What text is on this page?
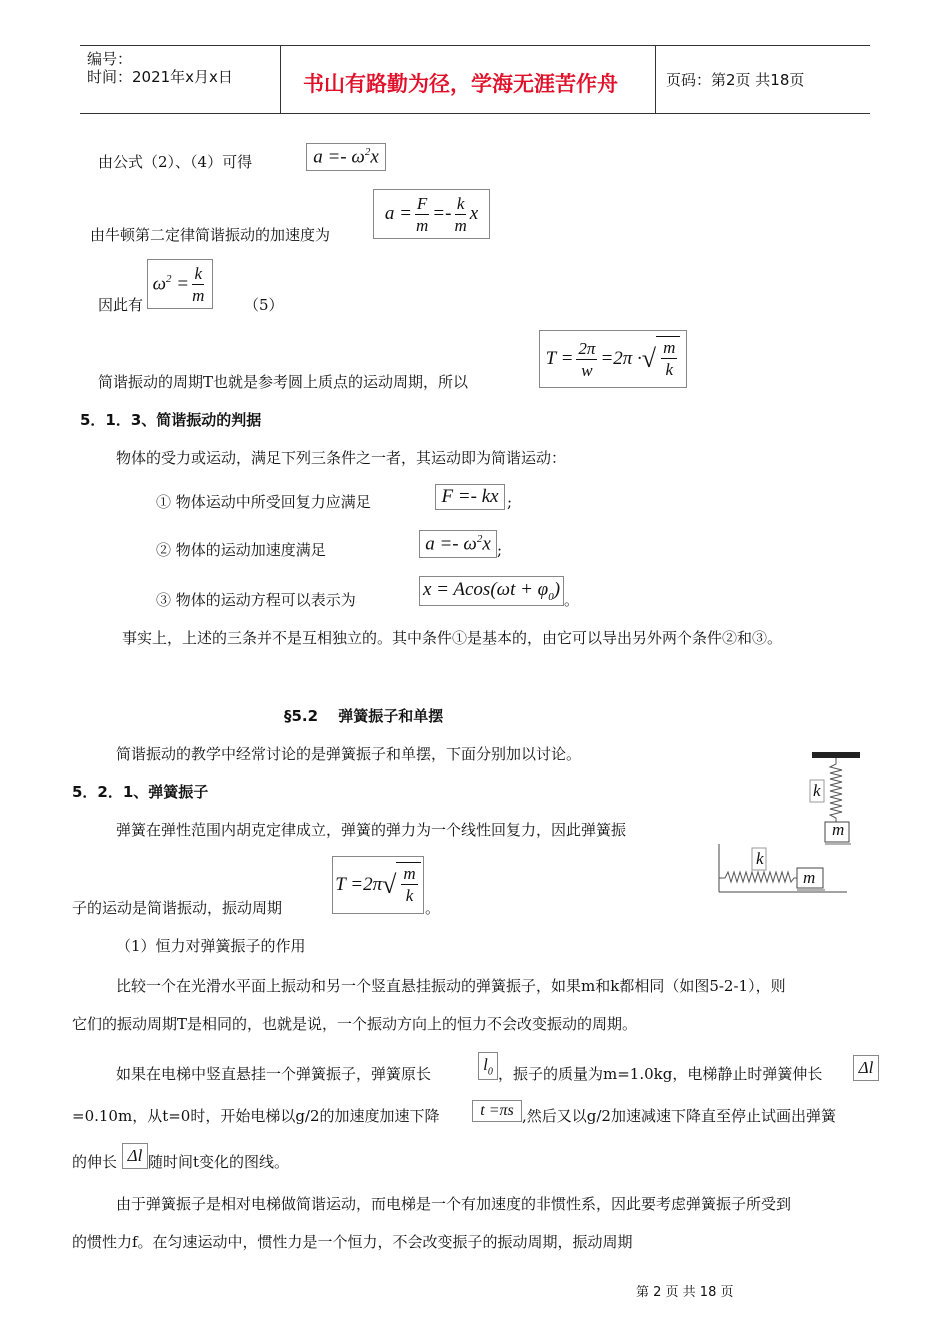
编号：
时间：2021年x月x日	书山有路勤为径，学海无涯苦作舟	页码：第2页 共18页
由公式（2）、（4）可得	$a =- \omega^2x$
由牛顿第二定律简谐振动的加速度为
$a = \frac{F}{m} =- \frac{k}{m}$ x
因此有
$\omega^2 = \frac{k}{m}$	（5）
简谐振动的周期T也就是参考圆上质点的运动周期，所以
$T = \frac{2\pi}{w} =2\pi$ · √ $\frac{m}{k}$
5．1．3、简谐振动的判据
物体的受力或运动，满足下列三条件之一者，其运动即为简谐运动：
① 物体运动中所受回复力应满足	F =- kx ;
② 物体的运动加速度满足	$a =- \omega^2x$ ;
③ 物体的运动方程可以表示为	$x = Acos(\omega t + \varphi_0)$ 。
事实上，上述的三条并不是互相独立的。其中条件①是基本的，由它可以导出另外两个条件②和③。
§5.2　 弹簧振子和单摆
简谐振动的教学中经常讨论的是弹簧振子和单摆，下面分别加以讨论。
5．2．1、弹簧振子
弹簧在弹性范围内胡克定律成立，弹簧的弹力为一个线性回复力，因此弹簧振
子的运动是简谐振动，振动周期
T =2π √ $\frac{m}{k}$
。
k
m
k
m
（1）恒力对弹簧振子的作用
比较一个在光滑水平面上振动和另一个竖直悬挂振动的弹簧振子，如果m和k都相同（如图5-2-1），则
它们的振动周期T是相同的，也就是说，一个振动方向上的恒力不会改变振动的周期。
如果在电梯中竖直悬挂一个弹簧振子，弹簧原长
$l_0$ ，振子的质量为m=1.0kg，电梯静止时弹簧伸长 Δl
=0.10m，从t=0时，开始电梯以g/2的加速度加速下降	t =πs ,然后又以g/2加速减速下降直至停止试画出弹簧
的伸长 Δl 随时间t变化的图线。
由于弹簧振子是相对电梯做简谐运动，而电梯是一个有加速度的非惯性系，因此要考虑弹簧振子所受到
的惯性力f。在匀速运动中，惯性力是一个恒力，不会改变振子的振动周期，振动周期
第 2 页 共 18 页
